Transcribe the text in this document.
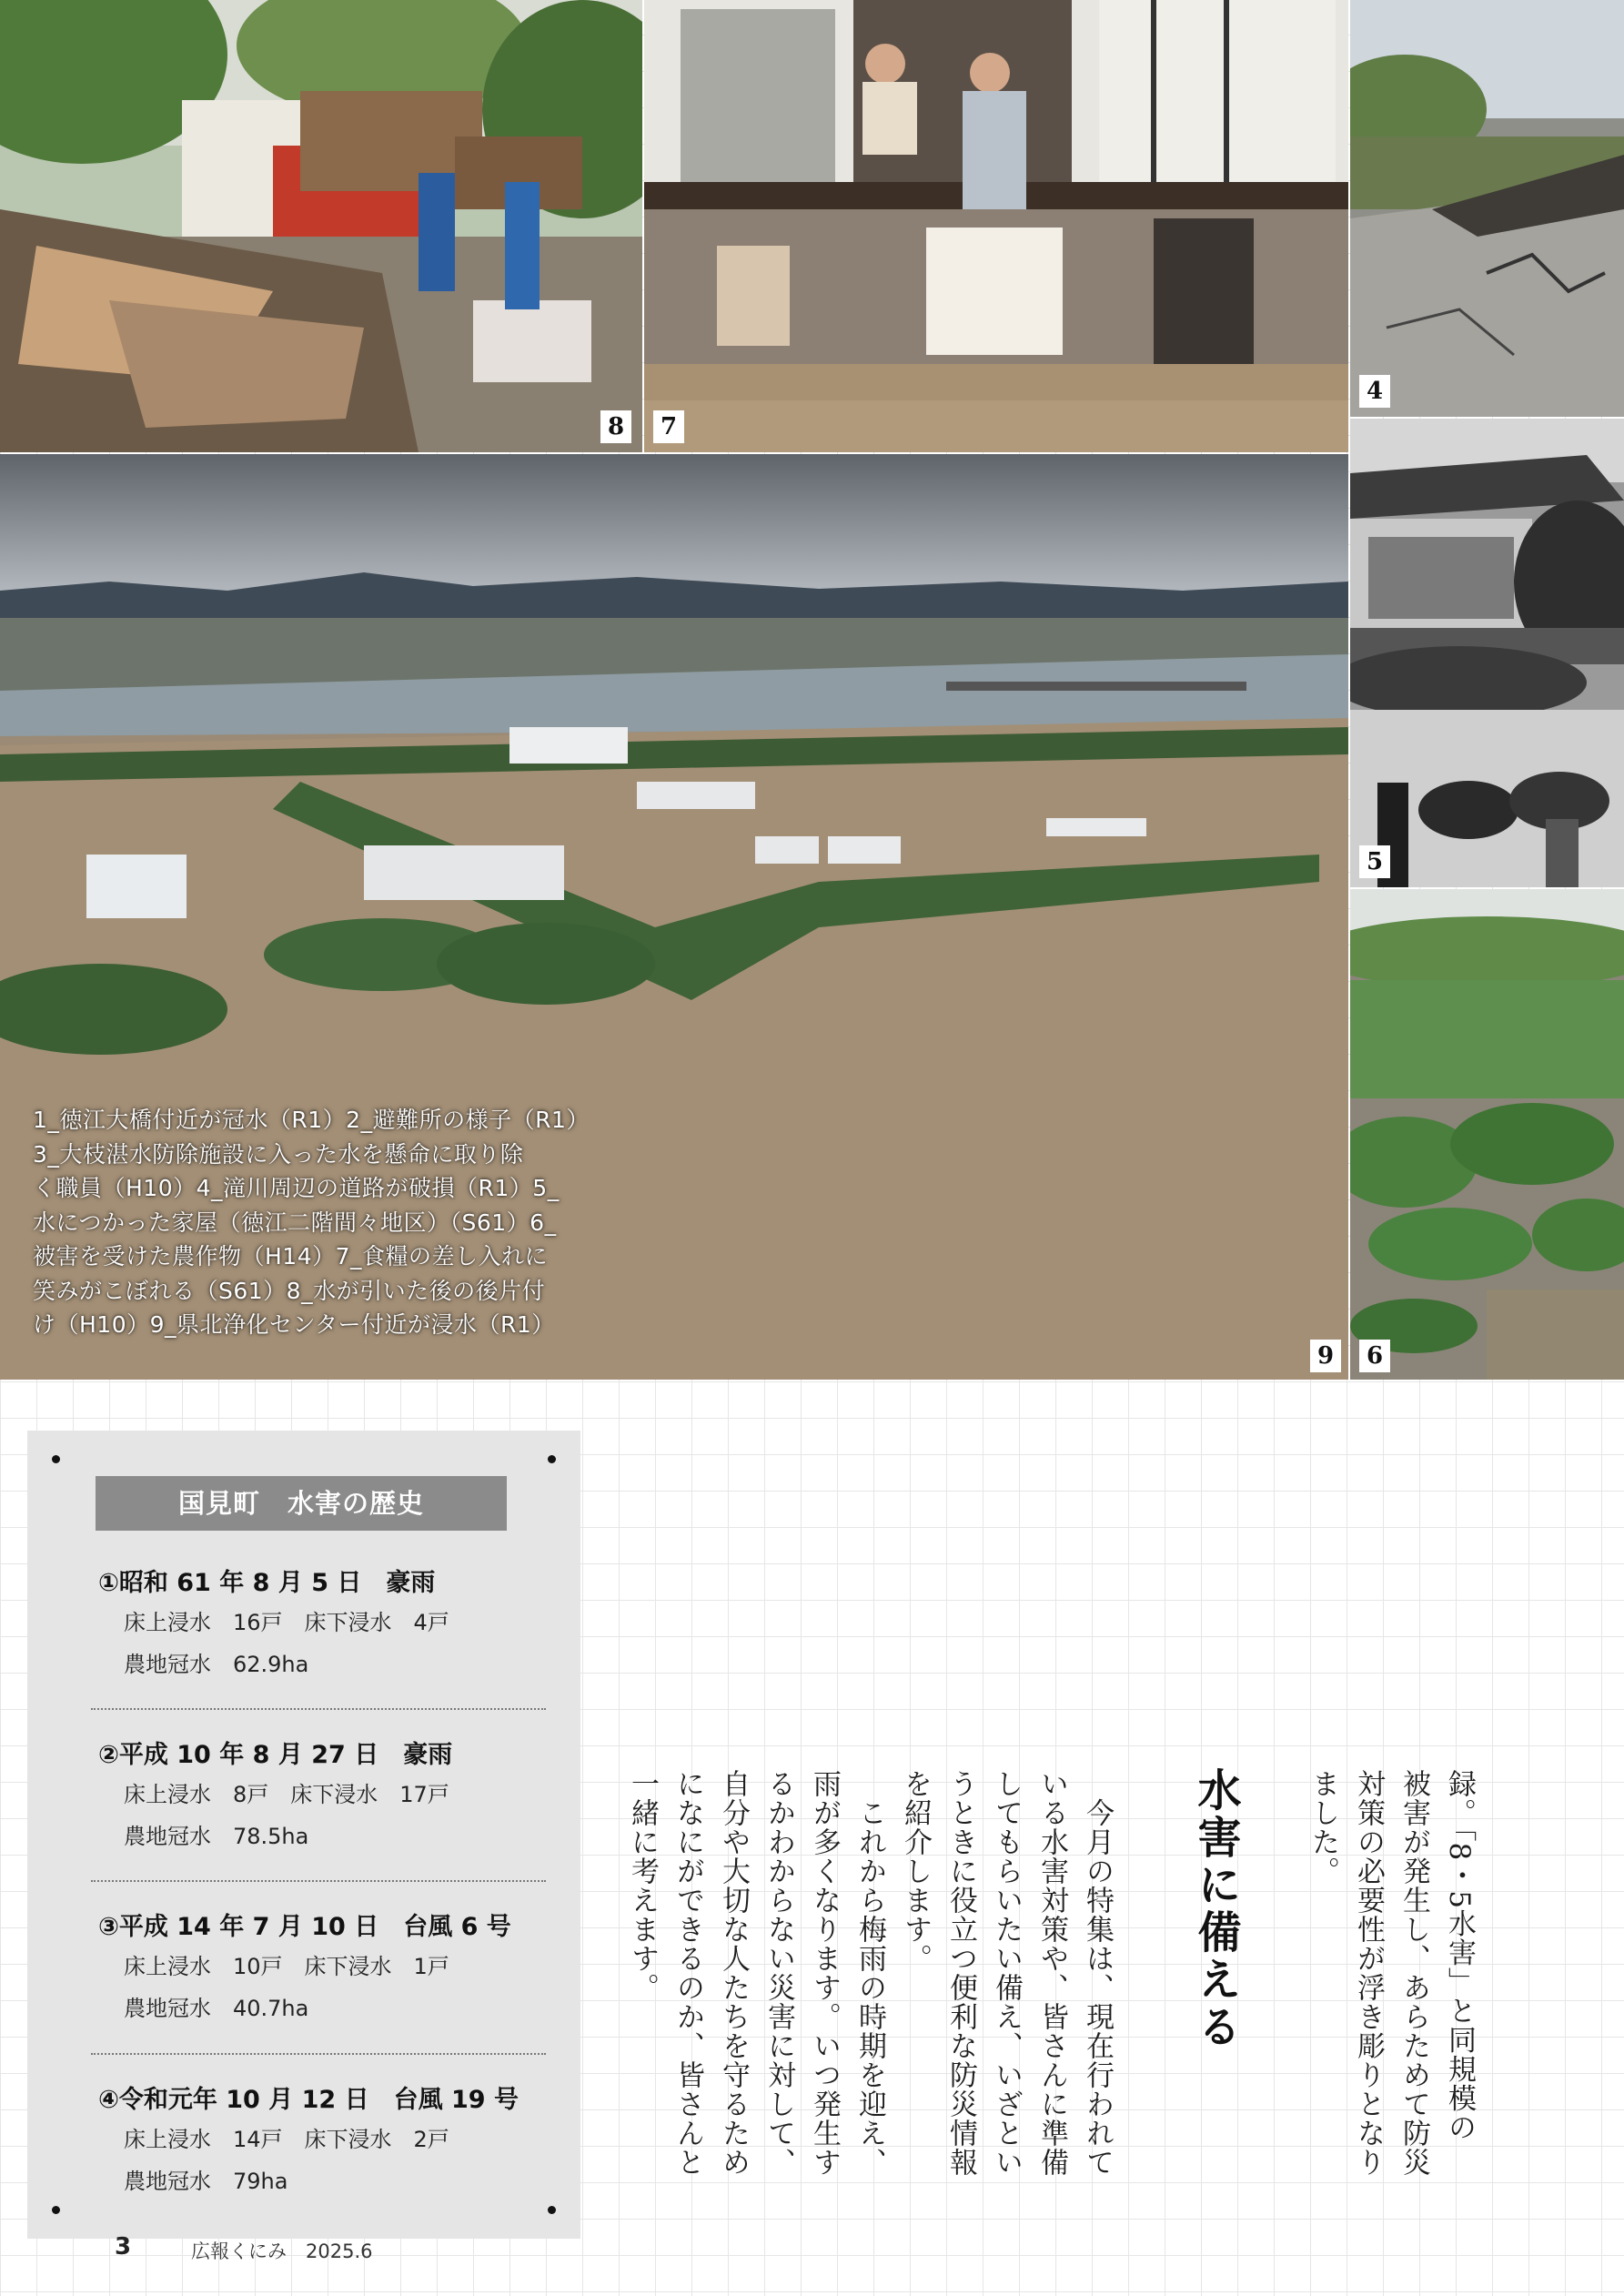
8	7
4
5
9
1_徳江大橋付近が冠水（R1）2_避難所の様子（R1）
3_大枝湛水防除施設に入った水を懸命に取り除
く職員（H10）4_滝川周辺の道路が破損（R1）5_
水につかった家屋（徳江二階間々地区）（S61）6_
被害を受けた農作物（H14）7_食糧の差し入れに
笑みがこぼれる（S61）8_水が引いた後の後片付
け（H10）9_県北浄化センター付近が浸水（R1）
6
国見町　水害の歴史
①昭和 61 年 8 月 5 日　豪雨
床上浸水　16戸　床下浸水　4戸
農地冠水　62.9ha
②平成 10 年 8 月 27 日　豪雨
床上浸水　8戸　床下浸水　17戸
農地冠水　78.5ha
③平成 14 年 7 月 10 日　台風 6 号
床上浸水　10戸　床下浸水　1戸
農地冠水　40.7ha
④令和元年 10 月 12 日　台風 19 号
床上浸水　14戸　床下浸水　2戸
農地冠水　79ha
録。「8・5水害」と同規模の
被害が発生し、あらためて防災
対策の必要性が浮き彫りとなり
ました。
水害に備える
　今月の特集は、現在行われて
いる水害対策や、皆さんに準備
してもらいたい備え、いざとい
うときに役立つ便利な防災情報
を紹介します。
　これから梅雨の時期を迎え、
雨が多くなります。いつ発生す
るかわからない災害に対して、
自分や大切な人たちを守るため
になにができるのか、皆さんと
一緒に考えます。
3	広報くにみ　2025.6
